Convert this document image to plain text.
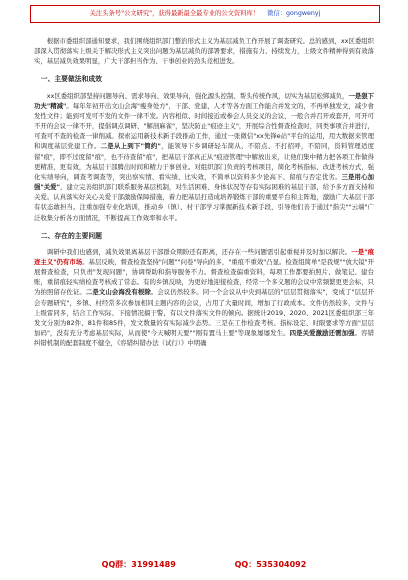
关注头条号"公文研究"，获得最新最全最专业的公文资料库！ 微信：gongwenyj

根据市委组织部通知要求，我们围绕组织部门整治形式主义为基层减负工作开展了调查研究。总的感到，xx区委组织部深入贯彻落实上级关于解决形式主义突出问题为基层减负的部署要求，措施有力、持续发力，上级文件精神得到有效落实，基层减负效果明显，广大干部担当作为、干事创业的劲头竞相进发。

一、主要做法和成效

xx区委组织部坚持问题导向、需求导向、效果导向，强化源头控制、帮头传统作风，切实为基层松绑减负，一是狠下功夫"精减"。每年年初开出文山会海"瘦身处方"，干部、党建、人才等各方面工作能合并发文的，不再单独发文，减少會发性文件；能到可发可不发的文件一律不发。内容相似、时间接近或参会人员交叉的会议，一般合并召开或套开，可开可不开的会议一律不开，提倡调点调研、"解剖麻雀"，坚决防止"痕迹主义"，开展综合性督查检查时，同类事项合并进行，可查可不查的检查一律削减。探索运用新技术新手段推动工作，通过一张微信"xx先锋e站"平台的运用，用大数据来管理和调度基层党建工作。二是从上到下"简约"，能领导下乡调研轻车简从、不陪点、不打招呼，不陪同，资料管理适度留"痕"，即不过度留"痕"，也不待查留"痕"，把基层干部真正从"痕迹管理"中解放出来，让他们集中精力把各项工作做得更精准、更有效，为基层干部腾出时间和精力干事创业。对组织部门负责的考核项目，简化考核指标、改进考核方式，强化实绩导向，调查考调查等，突出察实情、看实绩、比实效，不简单以资料多少论高下、留痕与否定优劣。三是用心加强"关爱"，建立完善组织部门联系服务基层机制，对生活困难、身体状况等存有实际困难的基层干部，给予多方面支持和关爱。认真落实好关心关爱干部激励保障措施，着力把基层打造成培养锻炼干部的重要平台和主阵地，激励广大基层干部有状态敢担当。注重加强专业化培训，推动乡（镇）、村干部学习掌握新技术新手段，引导他们善于通过"指尖""云端"广泛收集分析各方面情况，不断提高工作效率和水平。

二、存在的主要问题

调研中我们也感到，减负效果离基层干部群众期盼还有距离，还存在一些问题需引起重视并及时加以解决。一是"痕迹主义"仍有市场。基层反映，督查检查坚持"问题""问卷"导向的多，"重痕不重效"凸显。检查组简单"是我规""放大镜"开展督查检查，只负责"发现问题"，协调帮助和指导服务不力。督查检查偏重资料，每项工作都要拍照片、做笔记、建台账，重留痕轻实绩检查考核成了常态。有的乡镇反映，为更好地迎接检查，经常一个多义题的会议中常频繁更更会标，只为拍照留存佐证。二是文山会海没有根除。会议仍然较多。同一个会议从中央到基层的"层层贯彻落实"，变成了"层层开会专题研究"，乡镇、村经常多次参加相同主题内容的会议，占用了大量时间，增加了行政成本。文件仍然较多，文件与上级雷同多，结合工作实际、下接情况搞干警，有以文件落实文件的倾向。据统计2019、2020、2021区委组织部三年发文分别为82件、81件和85件，发文数量的有实际减少态势。三是在工作检查考核、指标设定、时限要求等方面"层层加码"，没有充分考虑基层实际，从而使"今天喊明天要""刚有置马上要"等现象屡屡发生。四是关爱激励还需加强。容错纠错机制的配套制度不健全，《容错纠错办法（试行）》中明确

QQ群：31991489	QQ：535304092
